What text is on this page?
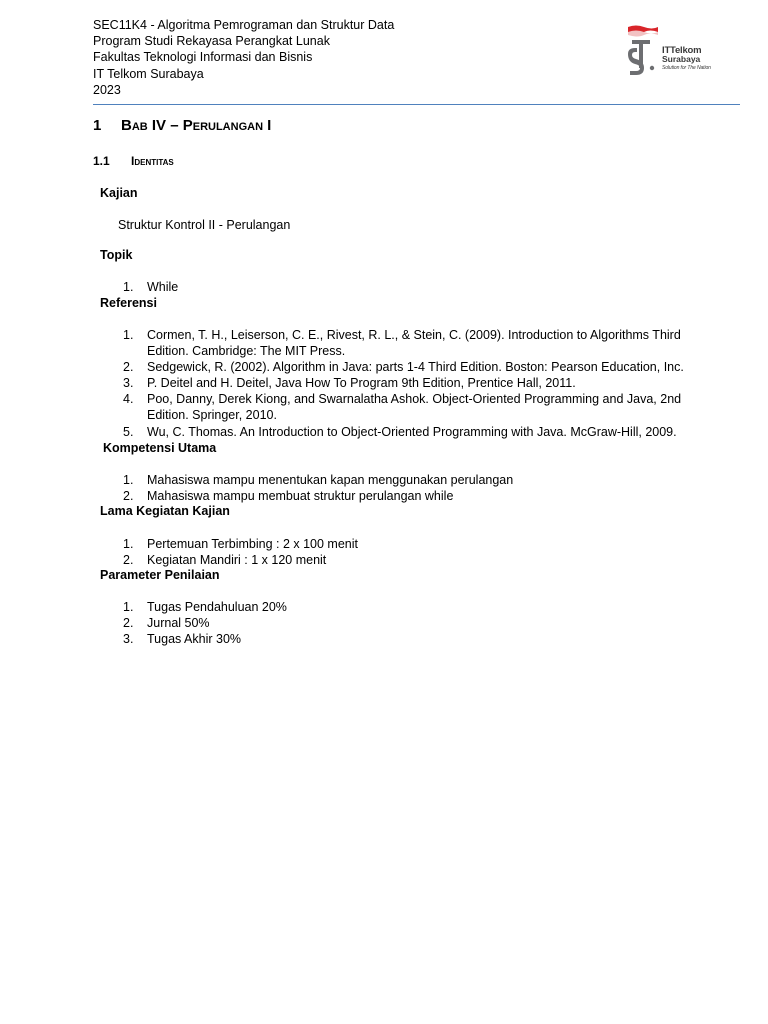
SEC11K4 - Algoritma Pemrograman dan Struktur Data
Program Studi Rekayasa Perangkat Lunak
Fakultas Teknologi Informasi dan Bisnis
IT Telkom Surabaya
2023
ITTelkom
Surabaya
Solution for The Nation
1 Bab IV – Perulangan I
1.1 Identitas
Kajian
Struktur Kontrol II - Perulangan
Topik
1. While
Referensi
1. Cormen, T. H., Leiserson, C. E., Rivest, R. L., & Stein, C. (2009). Introduction to Algorithms Third
Edition. Cambridge: The MIT Press.
2. Sedgewick, R. (2002). Algorithm in Java: parts 1-4 Third Edition. Boston: Pearson Education, Inc.
3. P. Deitel and H. Deitel, Java How To Program 9th Edition, Prentice Hall, 2011.
4. Poo, Danny, Derek Kiong, and Swarnalatha Ashok. Object-Oriented Programming and Java, 2nd
Edition. Springer, 2010.
5. Wu, C. Thomas. An Introduction to Object-Oriented Programming with Java. McGraw-Hill, 2009.
Kompetensi Utama
1. Mahasiswa mampu menentukan kapan menggunakan perulangan
2. Mahasiswa mampu membuat struktur perulangan while
Lama Kegiatan Kajian
1. Pertemuan Terbimbing : 2 x 100 menit
2. Kegiatan Mandiri : 1 x 120 menit
Parameter Penilaian
1. Tugas Pendahuluan 20%
2. Jurnal 50%
3. Tugas Akhir 30%
